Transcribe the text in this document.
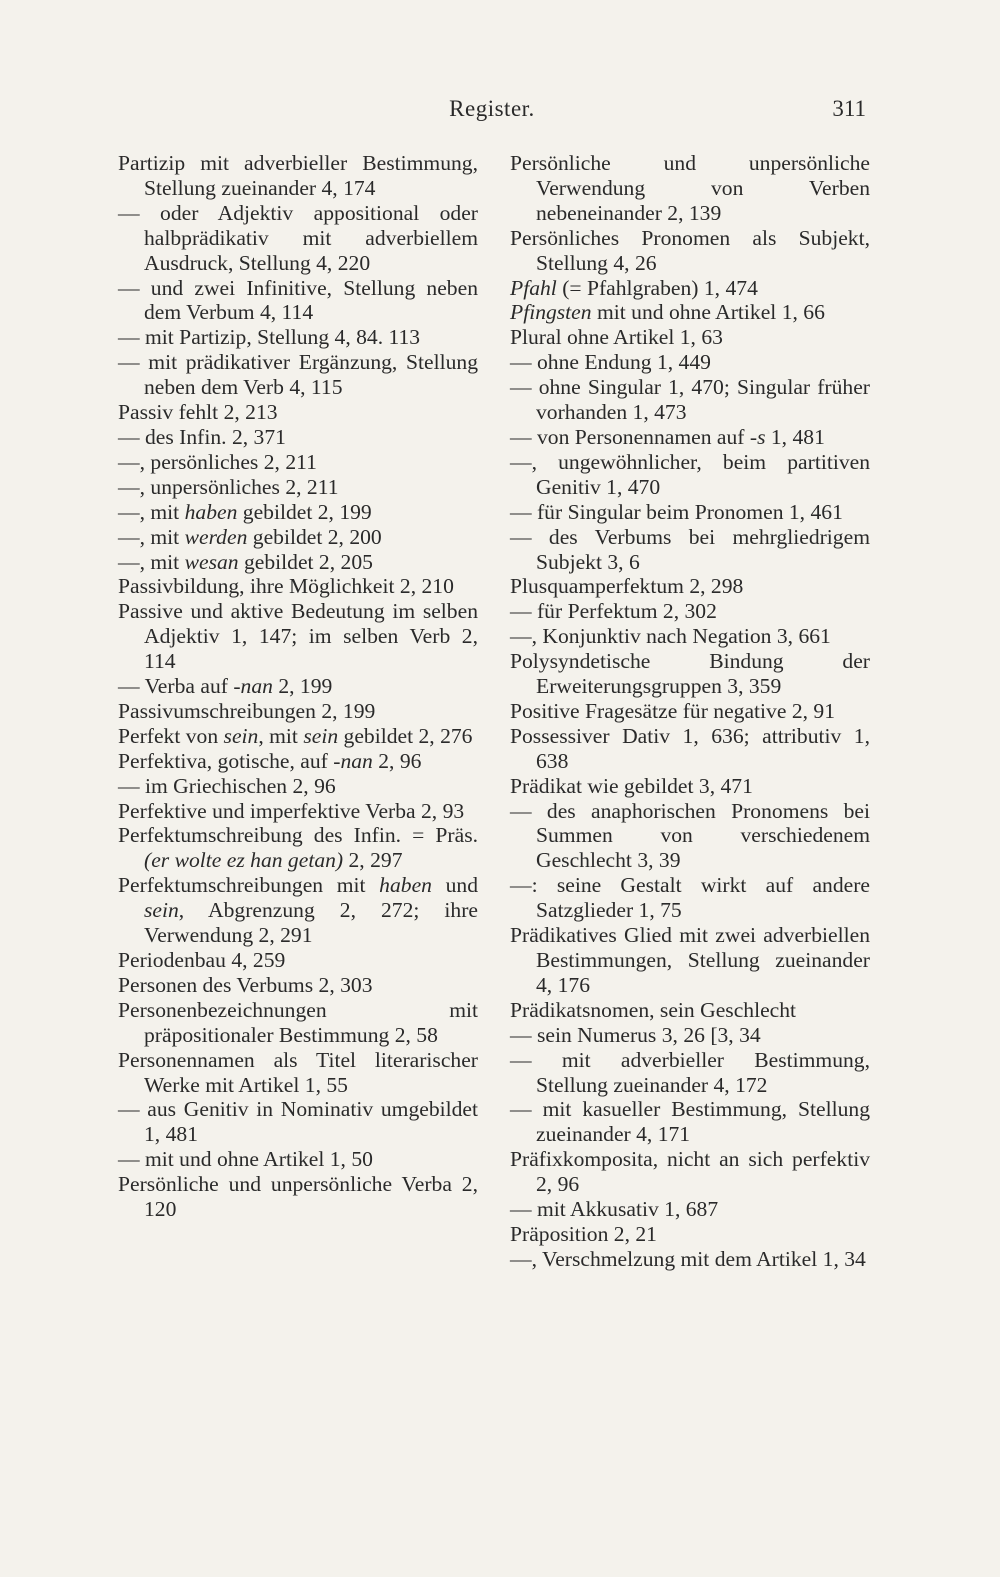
Register.	311

Partizip mit adverbieller Bestimmung, Stellung zueinander 4, 174

— oder Adjektiv appositional oder halbprädikativ mit adverbiellem Ausdruck, Stellung 4, 220

— und zwei Infinitive, Stellung neben dem Verbum 4, 114

— mit Partizip, Stellung 4, 84. 113

— mit prädikativer Ergänzung, Stellung neben dem Verb 4, 115

Passiv fehlt 2, 213

— des Infin. 2, 371

—, persönliches 2, 211

—, unpersönliches 2, 211

—, mit haben gebildet 2, 199

—, mit werden gebildet 2, 200

—, mit wesan gebildet 2, 205

Passivbildung, ihre Möglichkeit 2, 210

Passive und aktive Bedeutung im selben Adjektiv 1, 147; im selben Verb 2, 114

— Verba auf -nan 2, 199

Passivumschreibungen 2, 199

Perfekt von sein, mit sein gebildet 2, 276

Perfektiva, gotische, auf -nan 2, 96

— im Griechischen 2, 96

Perfektive und imperfektive Verba 2, 93

Perfektumschreibung des Infin. = Präs. (er wolte ez han getan) 2, 297

Perfektumschreibungen mit haben und sein, Abgrenzung 2, 272; ihre Verwendung 2, 291

Periodenbau 4, 259

Personen des Verbums 2, 303

Personenbezeichnungen mit präpositionaler Bestimmung 2, 58

Personennamen als Titel literarischer Werke mit Artikel 1, 55

— aus Genitiv in Nominativ umgebildet 1, 481

— mit und ohne Artikel 1, 50

Persönliche und unpersönliche Verba 2, 120

Persönliche und unpersönliche Verwendung von Verben nebeneinander 2, 139

Persönliches Pronomen als Subjekt, Stellung 4, 26

Pfahl (= Pfahlgraben) 1, 474

Pfingsten mit und ohne Artikel 1, 66

Plural ohne Artikel 1, 63

— ohne Endung 1, 449

— ohne Singular 1, 470; Singular früher vorhanden 1, 473

— von Personennamen auf -s 1, 481

—, ungewöhnlicher, beim partitiven Genitiv 1, 470

— für Singular beim Pronomen 1, 461

— des Verbums bei mehrgliedrigem Subjekt 3, 6

Plusquamperfektum 2, 298

— für Perfektum 2, 302

—, Konjunktiv nach Negation 3, 661

Polysyndetische Bindung der Erweiterungsgruppen 3, 359

Positive Fragesätze für negative 2, 91

Possessiver Dativ 1, 636; attributiv 1, 638

Prädikat wie gebildet 3, 471

— des anaphorischen Pronomens bei Summen von verschiedenem Geschlecht 3, 39

—: seine Gestalt wirkt auf andere Satzglieder 1, 75

Prädikatives Glied mit zwei adverbiellen Bestimmungen, Stellung zueinander 4, 176

Prädikatsnomen, sein Geschlecht

— sein Numerus 3, 26 [3, 34

— mit adverbieller Bestimmung, Stellung zueinander 4, 172

— mit kasueller Bestimmung, Stellung zueinander 4, 171

Präfixkomposita, nicht an sich perfektiv 2, 96

— mit Akkusativ 1, 687

Präposition 2, 21

—, Verschmelzung mit dem Artikel 1, 34
